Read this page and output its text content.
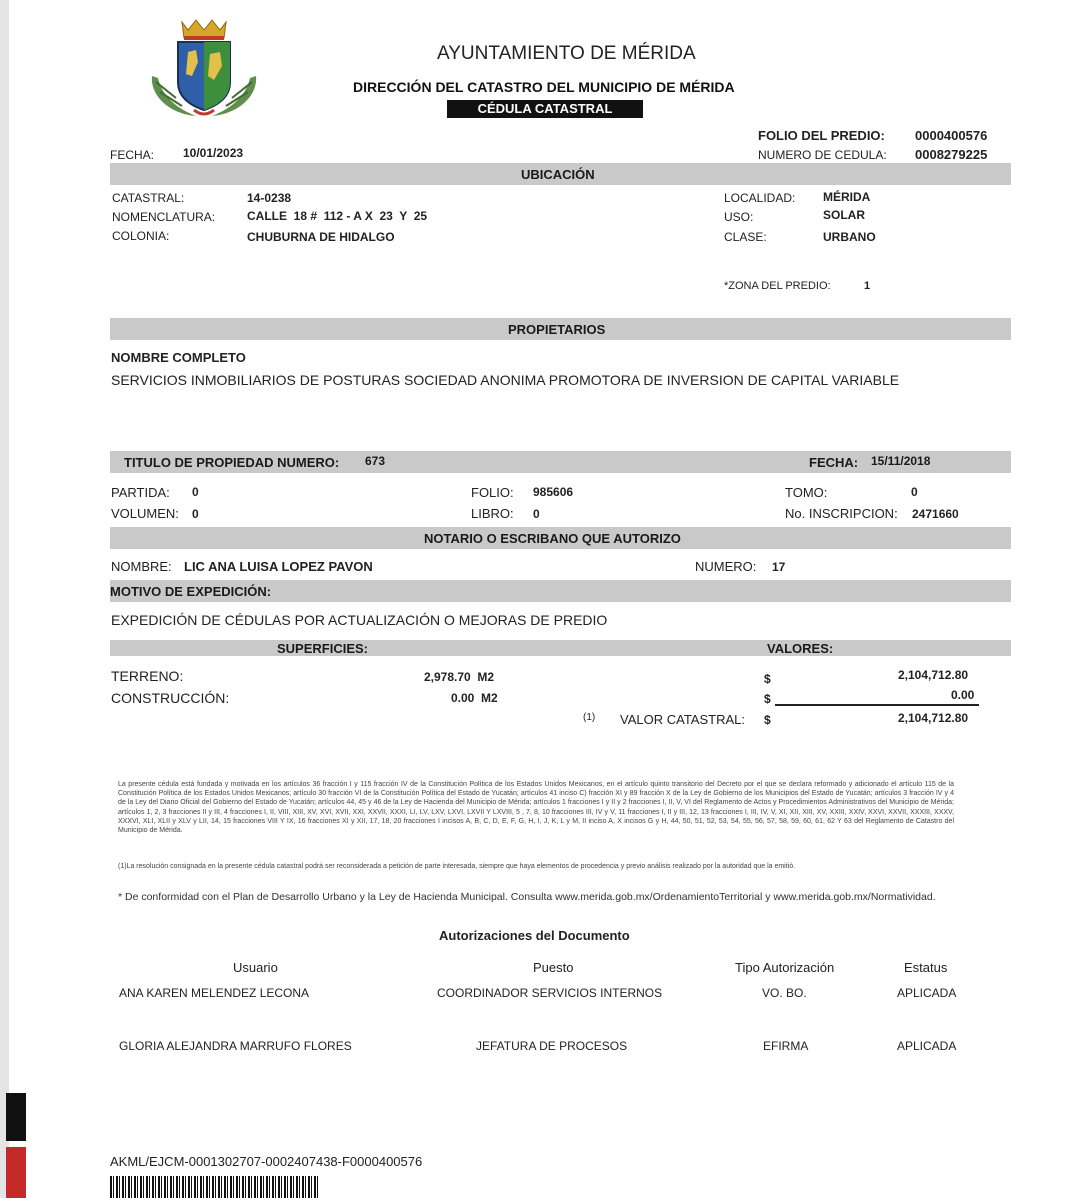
AYUNTAMIENTO DE MÉRIDA
DIRECCIÓN DEL CATASTRO DEL MUNICIPIO DE MÉRIDA
CÉDULA CATASTRAL
FECHA: 10/01/2023
FOLIO DEL PREDIO: 0000400576
NUMERO DE CEDULA: 0008279225
UBICACIÓN
CATASTRAL:	14-0238
NOMENCLATURA:	CALLE  18 #  112 - A X  23  Y  25
COLONIA:	CHUBURNA DE HIDALGO
LOCALIDAD: MÉRIDA
USO:	SOLAR
CLASE:	URBANO
*ZONA DEL PREDIO:	1
PROPIETARIOS
NOMBRE COMPLETO
SERVICIOS INMOBILIARIOS DE POSTURAS SOCIEDAD ANONIMA PROMOTORA DE INVERSION DE CAPITAL VARIABLE
TITULO DE PROPIEDAD NUMERO: 673	FECHA: 15/11/2018
PARTIDA: 0
VOLUMEN: 0
FOLIO: 985606
LIBRO: 0
TOMO:	0
No. INSCRIPCION: 2471660
NOTARIO O ESCRIBANO QUE AUTORIZO
NOMBRE: LIC ANA LUISA LOPEZ PAVON	NUMERO: 17
MOTIVO DE EXPEDICIÓN:
EXPEDICIÓN DE CÉDULAS POR ACTUALIZACIÓN O MEJORAS DE PREDIO
SUPERFICIES:	VALORES:
TERRENO:	2,978.70  M2
CONSTRUCCIÓN:	0.00  M2
$	2,104,712.80
$	0.00
(1) VALOR CATASTRAL: $	2,104,712.80
La presente cédula está fundada y motivada en los artículos 36 fracción I y 115 fracción IV de la Constitución Política de los Estados Unidos Mexicanos, en el artículo quinto transitorio del Decreto por el que se declara reformado y adicionado el artículo 115 de la Constitución Política de los Estados Unidos Mexicanos; artículo 30 fracción VI de la Constitución Política del Estado de Yucatán; artículos 41 inciso C) fracción XI y 89 fracción X de la Ley de Gobierno de los Municipios del Estado de Yucatán; artículos 3 fracción IV y 4 de la Ley del Diario Oficial del Gobierno del Estado de Yucatán; artículos 44, 45 y 46 de la Ley de Hacienda del Municipio de Mérida; artículos 1 fracciones I y II y 2 fracciones I, II, V, VI del Reglamento de Actos y Procedimientos Administrativos del Municipio de Mérida; artículos 1, 2, 3 fracciones II y III, 4 fracciones I, II, VIII, XIII, XV, XVI, XVII, XXI, XXVII, XXXI, LI, LV, LXV, LXVI, LXVII Y LXVIII, 5 , 7, 8, 10 fracciones III, IV y V, 11 fracciones I, II y III, 12, 13 fracciones I, III, IV, V, XI, XII, XIII, XV, XXIII, XXIV, XXVI, XXVII, XXXIII, XXXV, XXXVI, XLI, XLII y XLV y LII, 14, 15 fracciones VIII Y IX, 16 fracciones XI y XII, 17, 18, 20 fracciones I incisos A, B, C, D, E, F, G, H, I, J, K, L y M, II inciso A, X incisos G y H, 44, 50, 51, 52, 53, 54, 55, 56, 57, 58, 59, 60, 61, 62 Y 63 del Reglamento de Catastro del Municipio de Mérida.
(1)La resolución consignada en la presente cédula catastral podrá ser reconsiderada a petición de parte interesada, siempre que haya elementos de procedencia y previo análisis realizado por la autoridad que la emitió.
* De conformidad con el Plan de Desarrollo Urbano y la Ley de Hacienda Municipal. Consulta www.merida.gob.mx/OrdenamientoTerritorial y www.merida.gob.mx/Normatividad.
Autorizaciones del Documento
Usuario	Puesto	Tipo Autorización	Estatus
ANA KAREN MELENDEZ LECONA	COORDINADOR SERVICIOS INTERNOS	VO. BO.	APLICADA
GLORIA ALEJANDRA MARRUFO FLORES	JEFATURA DE PROCESOS	EFIRMA	APLICADA
AKML/EJCM-0001302707-0002407438-F0000400576
